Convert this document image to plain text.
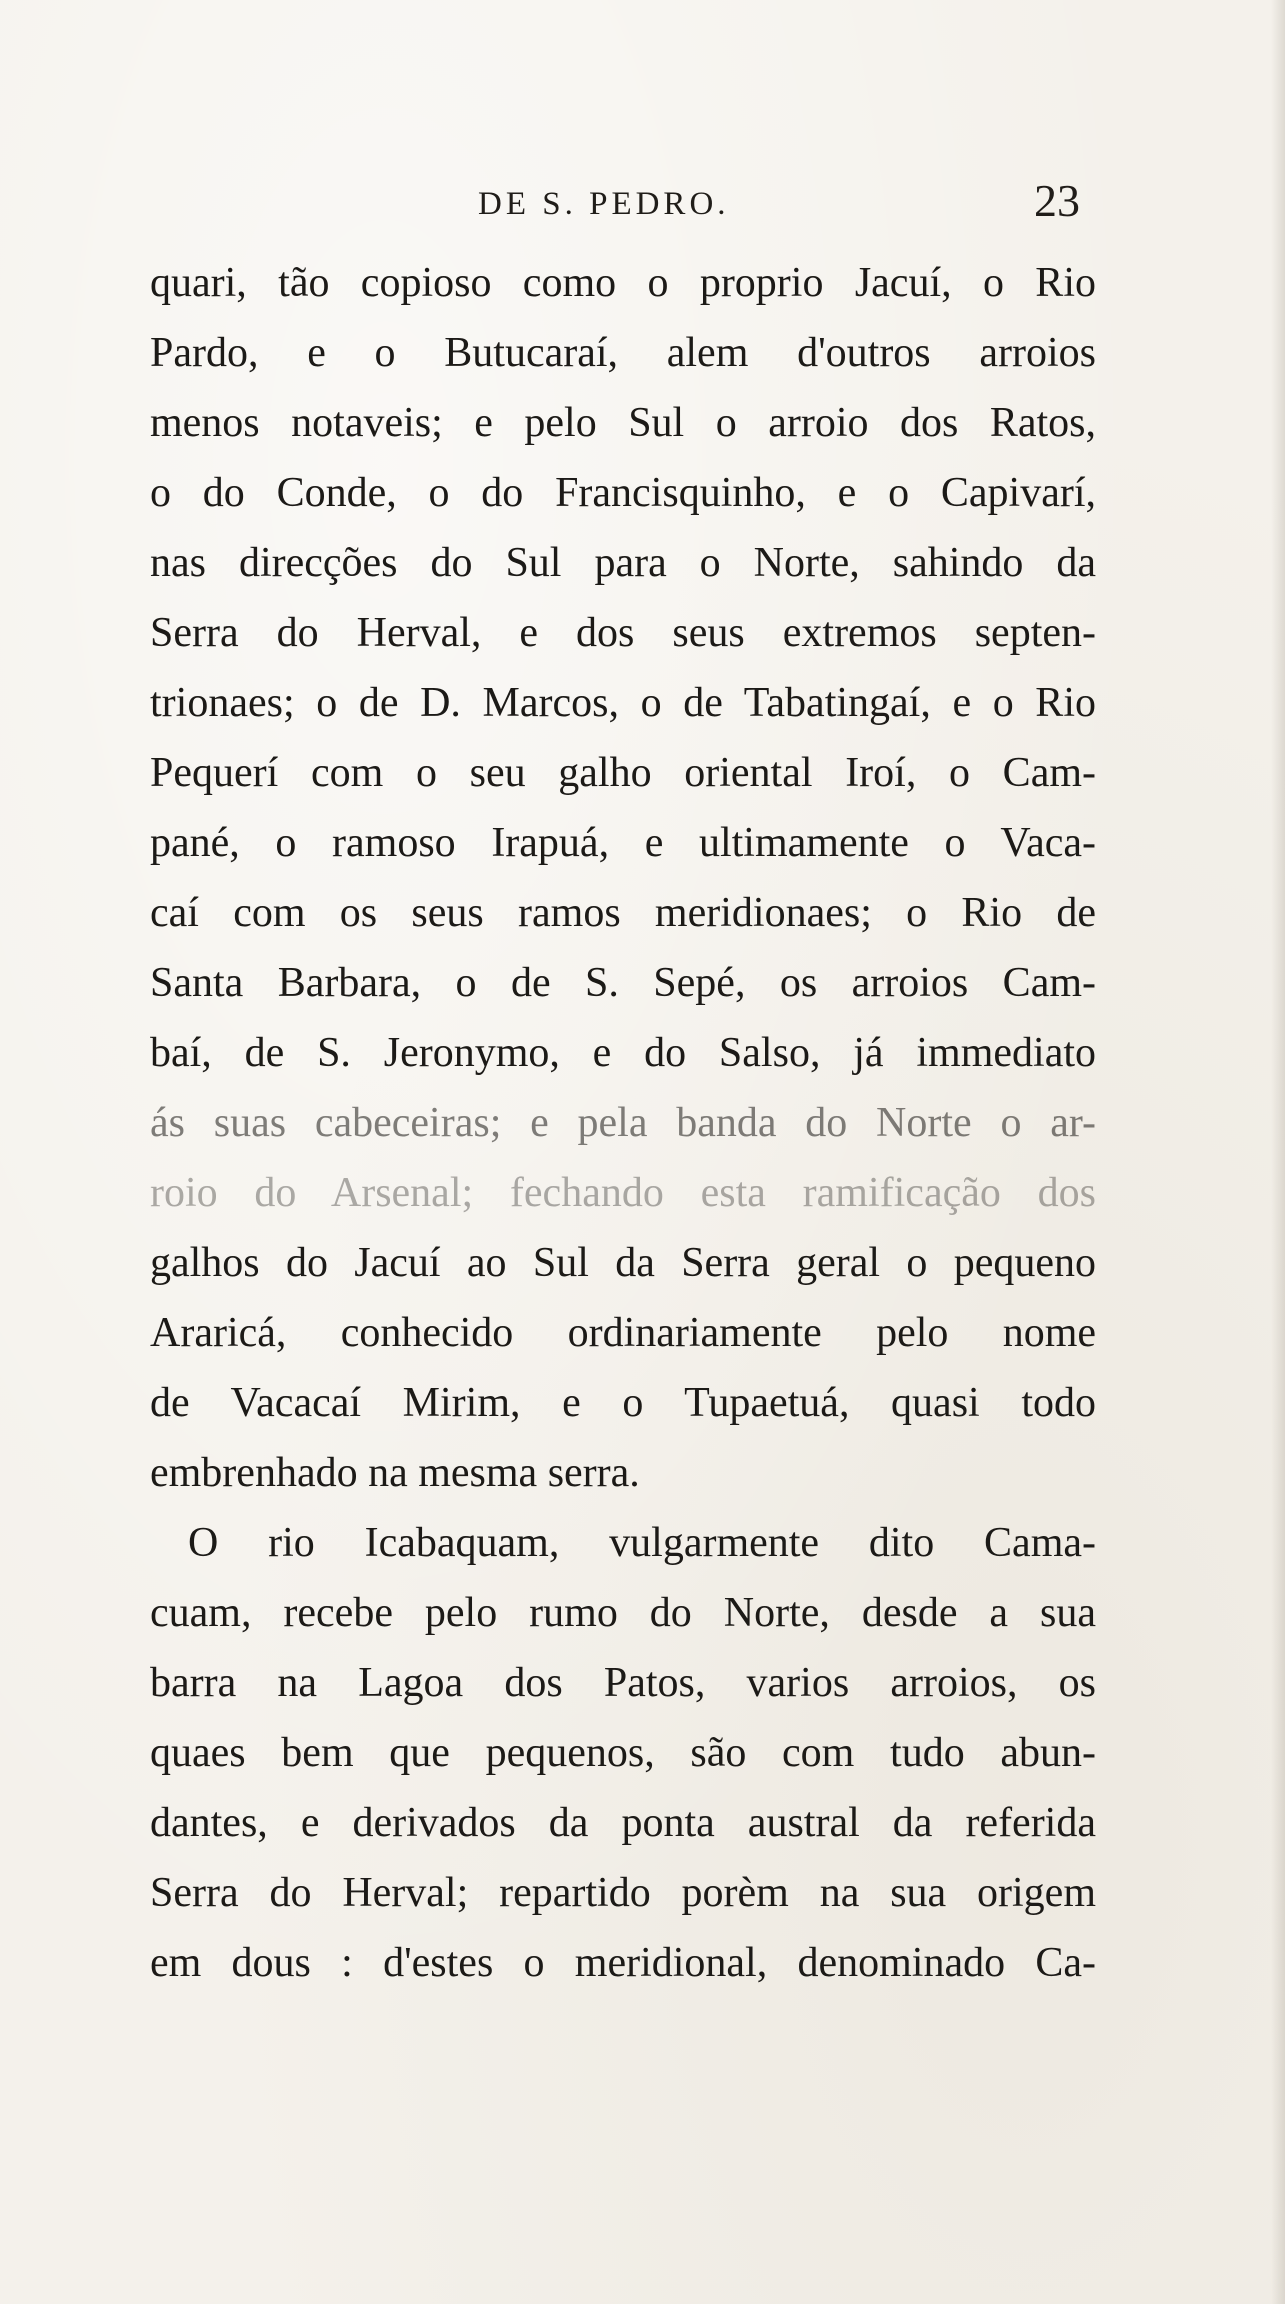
DE S. PEDRO.	23
quari, tão copioso como o proprio Jacuí, o Rio
Pardo, e o Butucaraí, alem d'outros arroios
menos notaveis; e pelo Sul o arroio dos Ratos,
o do Conde, o do Francisquinho, e o Capivarí,
nas direcções do Sul para o Norte, sahindo da
Serra do Herval, e dos seus extremos septen-
trionaes; o de D. Marcos, o de Tabatingaí, e o Rio
Pequerí com o seu galho oriental Iroí, o Cam-
pané, o ramoso Irapuá, e ultimamente o Vaca-
caí com os seus ramos meridionaes; o Rio de
Santa Barbara, o de S. Sepé, os arroios Cam-
baí, de S. Jeronymo, e do Salso, já immediato
ás suas cabeceiras; e pela banda do Norte o ar-
roio do Arsenal; fechando esta ramificação dos
galhos do Jacuí ao Sul da Serra geral o pequeno
Araricá, conhecido ordinariamente pelo nome
de Vacacaí Mirim, e o Tupaetuá, quasi todo
embrenhado na mesma serra.
O rio Icabaquam, vulgarmente dito Cama-
cuam, recebe pelo rumo do Norte, desde a sua
barra na Lagoa dos Patos, varios arroios, os
quaes bem que pequenos, são com tudo abun-
dantes, e derivados da ponta austral da referida
Serra do Herval; repartido porèm na sua origem
em dous : d'estes o meridional, denominado Ca-
